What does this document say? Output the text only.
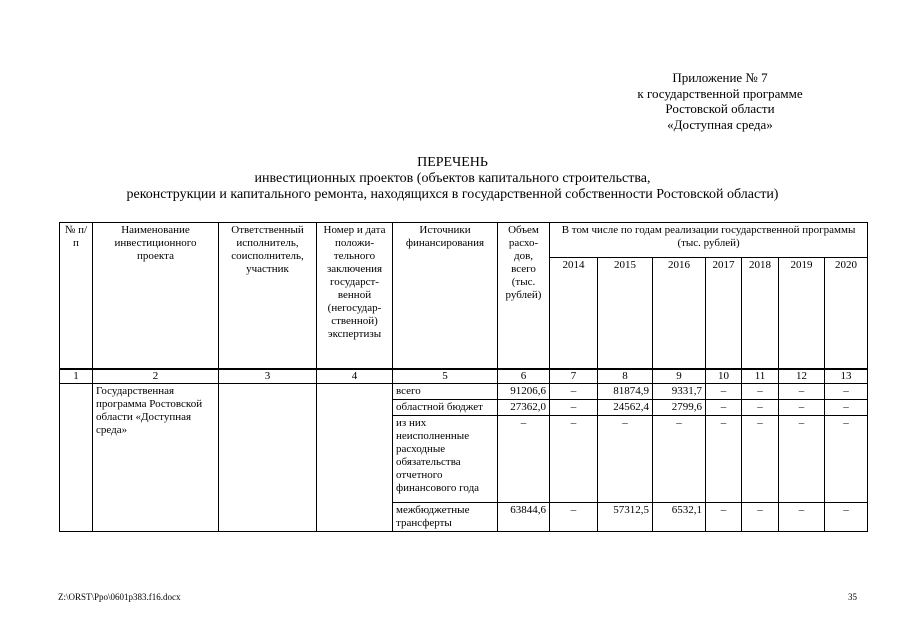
Приложение № 7
к государственной программе
Ростовской области
«Доступная среда»
ПЕРЕЧЕНЬ
инвестиционных проектов (объектов капитального строительства,
реконструкции и капитального ремонта, находящихся в государственной собственности Ростовской области)
№ п/п	Наименование инвестиционного проекта	Ответственный исполнитель, соисполнитель, участник	Номер и дата положи-тельного заключения государст-венной (негосудар-ственной) экспертизы	Источники финансирования	Объем расхо-дов, всего (тыс. рублей)	В том числе по годам реализации государственной программы (тыс. рублей)						
						2014	2015	2016	2017	2018	2019	2020
1	2	3	4	5	6	7	8	9	10	11	12	13
	Государственная программа Ростовской области «Доступная среда»			всего	91206,6	–	81874,9	9331,7	–	–	–	–
				областной бюджет	27362,0	–	24562,4	2799,6	–	–	–	–
				из них неисполненные расходные обязательства отчетного финансового года	–	–	–	–	–	–	–	–
				межбюджетные трансферты	63844,6	–	57312,5	6532,1	–	–	–	–
Z:\ORST\Ppo\0601p383.f16.docx	35
